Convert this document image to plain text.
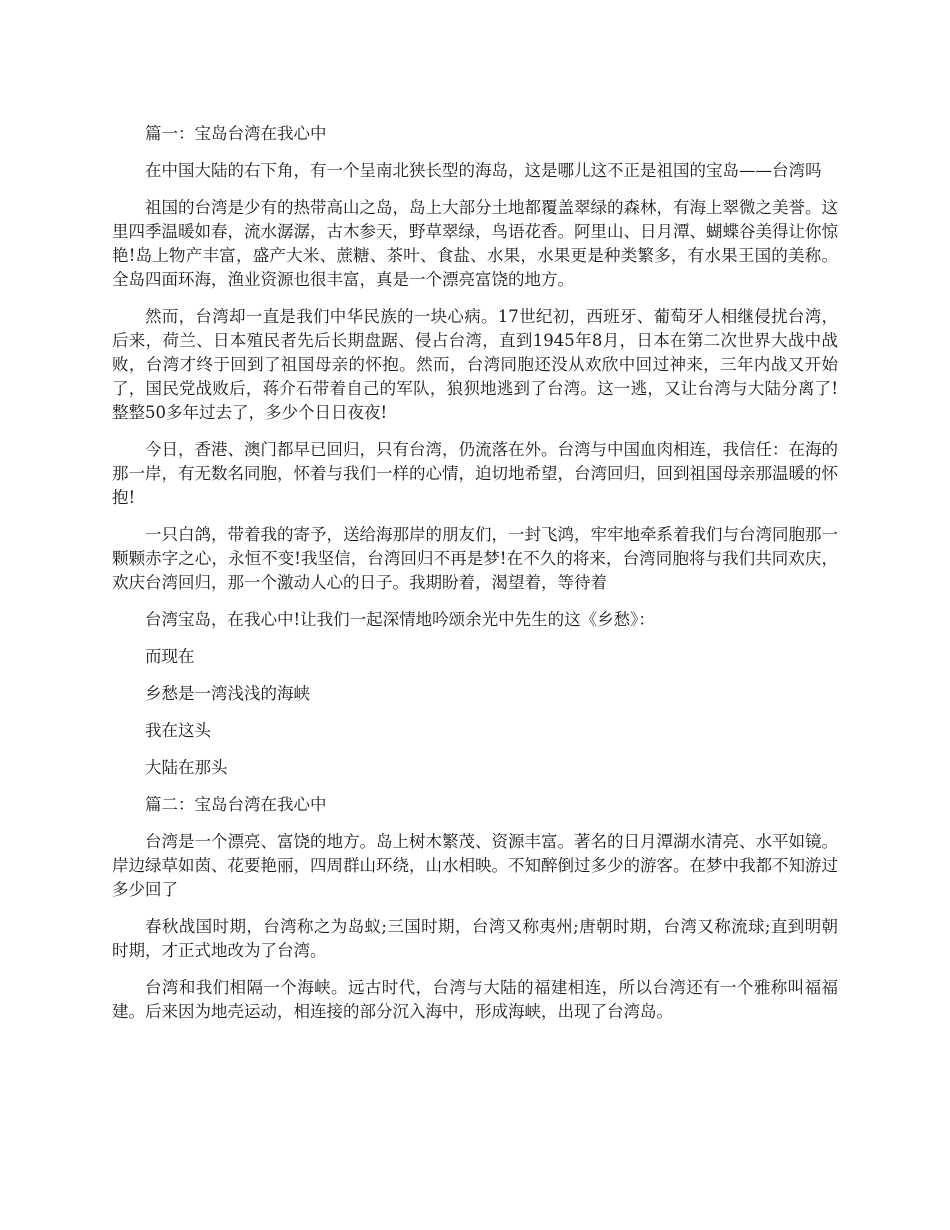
篇一：宝岛台湾在我心中

在中国大陆的右下角，有一个呈南北狭长型的海岛，这是哪儿这不正是祖国的宝岛——台湾吗

祖国的台湾是少有的热带高山之岛，岛上大部分土地都覆盖翠绿的森林，有海上翠微之美誉。这里四季温暖如春，流水潺潺，古木参天，野草翠绿，鸟语花香。阿里山、日月潭、蝴蝶谷美得让你惊艳!岛上物产丰富，盛产大米、蔗糖、茶叶、食盐、水果，水果更是种类繁多，有水果王国的美称。全岛四面环海，渔业资源也很丰富，真是一个漂亮富饶的地方。

然而，台湾却一直是我们中华民族的一块心病。17世纪初，西班牙、葡萄牙人相继侵扰台湾，后来，荷兰、日本殖民者先后长期盘踞、侵占台湾，直到1945年8月，日本在第二次世界大战中战败，台湾才终于回到了祖国母亲的怀抱。然而，台湾同胞还没从欢欣中回过神来，三年内战又开始了，国民党战败后，蒋介石带着自己的军队，狼狈地逃到了台湾。这一逃，又让台湾与大陆分离了!整整50多年过去了，多少个日日夜夜!

今日，香港、澳门都早已回归，只有台湾，仍流落在外。台湾与中国血肉相连，我信任：在海的那一岸，有无数名同胞，怀着与我们一样的心情，迫切地希望，台湾回归，回到祖国母亲那温暖的怀抱!

一只白鸽，带着我的寄予，送给海那岸的朋友们，一封飞鸿，牢牢地牵系着我们与台湾同胞那一颗颗赤字之心，永恒不变!我坚信，台湾回归不再是梦!在不久的将来，台湾同胞将与我们共同欢庆，欢庆台湾回归，那一个激动人心的日子。我期盼着，渴望着，等待着

台湾宝岛，在我心中!让我们一起深情地吟颂余光中先生的这《乡愁》：

而现在

乡愁是一湾浅浅的海峡

我在这头

大陆在那头

篇二：宝岛台湾在我心中

台湾是一个漂亮、富饶的地方。岛上树木繁茂、资源丰富。著名的日月潭湖水清亮、水平如镜。岸边绿草如茵、花要艳丽，四周群山环绕，山水相映。不知醉倒过多少的游客。在梦中我都不知游过多少回了

春秋战国时期，台湾称之为岛蚁;三国时期，台湾又称夷州;唐朝时期，台湾又称流球;直到明朝时期，才正式地改为了台湾。

台湾和我们相隔一个海峡。远古时代，台湾与大陆的福建相连，所以台湾还有一个雅称叫福福建。后来因为地壳运动，相连接的部分沉入海中，形成海峡，出现了台湾岛。
